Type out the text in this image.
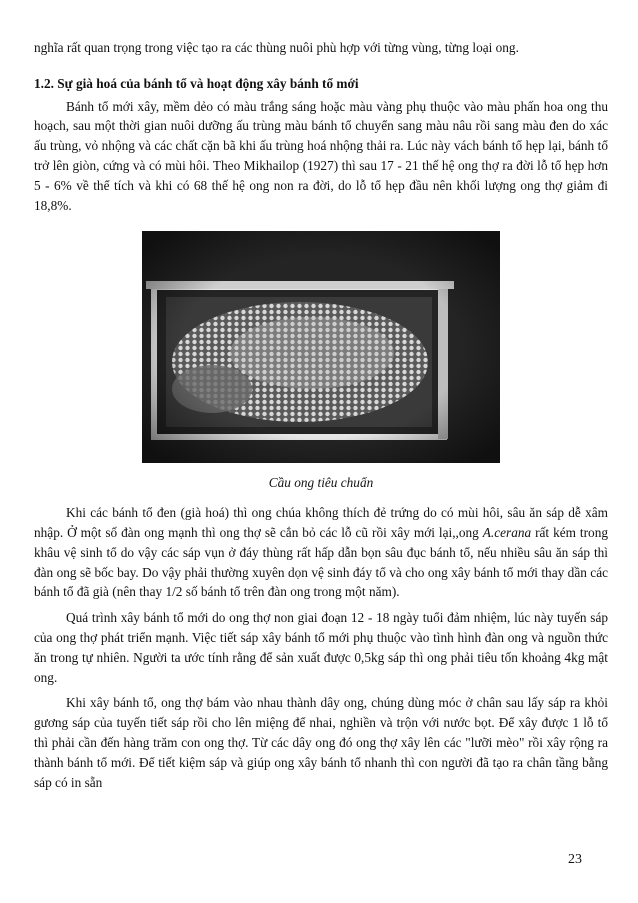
nghĩa rất quan trọng trong việc tạo ra các thùng nuôi phù hợp với từng vùng, từng loại ong.

1.2. Sự già hoá của bánh tổ và hoạt động xây bánh tổ mới

Bánh tổ mới xây, mềm dẻo có màu trắng sáng hoặc màu vàng phụ thuộc vào màu phấn hoa ong thu hoạch, sau một thời gian nuôi dưỡng ấu trùng màu bánh tổ chuyển sang màu nâu rồi sang màu đen do xác ấu trùng, vỏ nhộng và các chất cặn bã khi ấu trùng hoá nhộng thải ra. Lúc này vách bánh tổ hẹp lại, bánh tổ trở lên giòn, cứng và có mùi hôi. Theo Mikhailop (1927) thì sau 17 - 21 thế hệ ong thợ ra đời lỗ tổ hẹp hơn 5 - 6% về thể tích và khi có 68 thế hệ ong non ra đời, do lỗ tổ hẹp đầu nên khối lượng ong thợ giảm đi 18,8%.

Cầu ong tiêu chuẩn

Khi các bánh tổ đen (già hoá) thì ong chúa không thích đẻ trứng do có mùi hôi, sâu ăn sáp dễ xâm nhập. Ở một số đàn ong mạnh thì ong thợ sẽ cắn bỏ các lỗ cũ rồi xây mới lại,,ong A.cerana rất kém trong khâu vệ sinh tổ do vậy các sáp vụn ở đáy thùng rất hấp dẫn bọn sâu đục bánh tổ, nếu nhiều sâu ăn sáp thì đàn ong sẽ bốc bay. Do vậy phải thường xuyên dọn vệ sinh đáy tổ và cho ong xây bánh tổ mới thay dần các bánh tổ đã già (nên thay 1/2 số bánh tổ trên đàn ong trong một năm).

Quá trình xây bánh tổ mới do ong thợ non giai đoạn 12 - 18 ngày tuổi đảm nhiệm, lúc này tuyến sáp của ong thợ phát triển mạnh. Việc tiết sáp xây bánh tổ mới phụ thuộc vào tình hình đàn ong và nguồn thức ăn trong tự nhiên. Người ta ước tính rằng để sản xuất được 0,5kg sáp thì ong phải tiêu tốn khoảng 4kg mật ong.

Khi xây bánh tổ, ong thợ bám vào nhau thành dây ong, chúng dùng móc ở chân sau lấy sáp ra khỏi gương sáp của tuyến tiết sáp rồi cho lên miệng để nhai, nghiền và trộn với nước bọt. Để xây được 1 lỗ tổ thì phải cần đến hàng trăm con ong thợ. Từ các dây ong đó ong thợ xây lên các "lưỡi mèo" rồi xây rộng ra thành bánh tổ mới. Để tiết kiệm sáp và giúp ong xây bánh tổ nhanh thì con người đã tạo ra chân tầng bằng sáp có in sẵn

23
